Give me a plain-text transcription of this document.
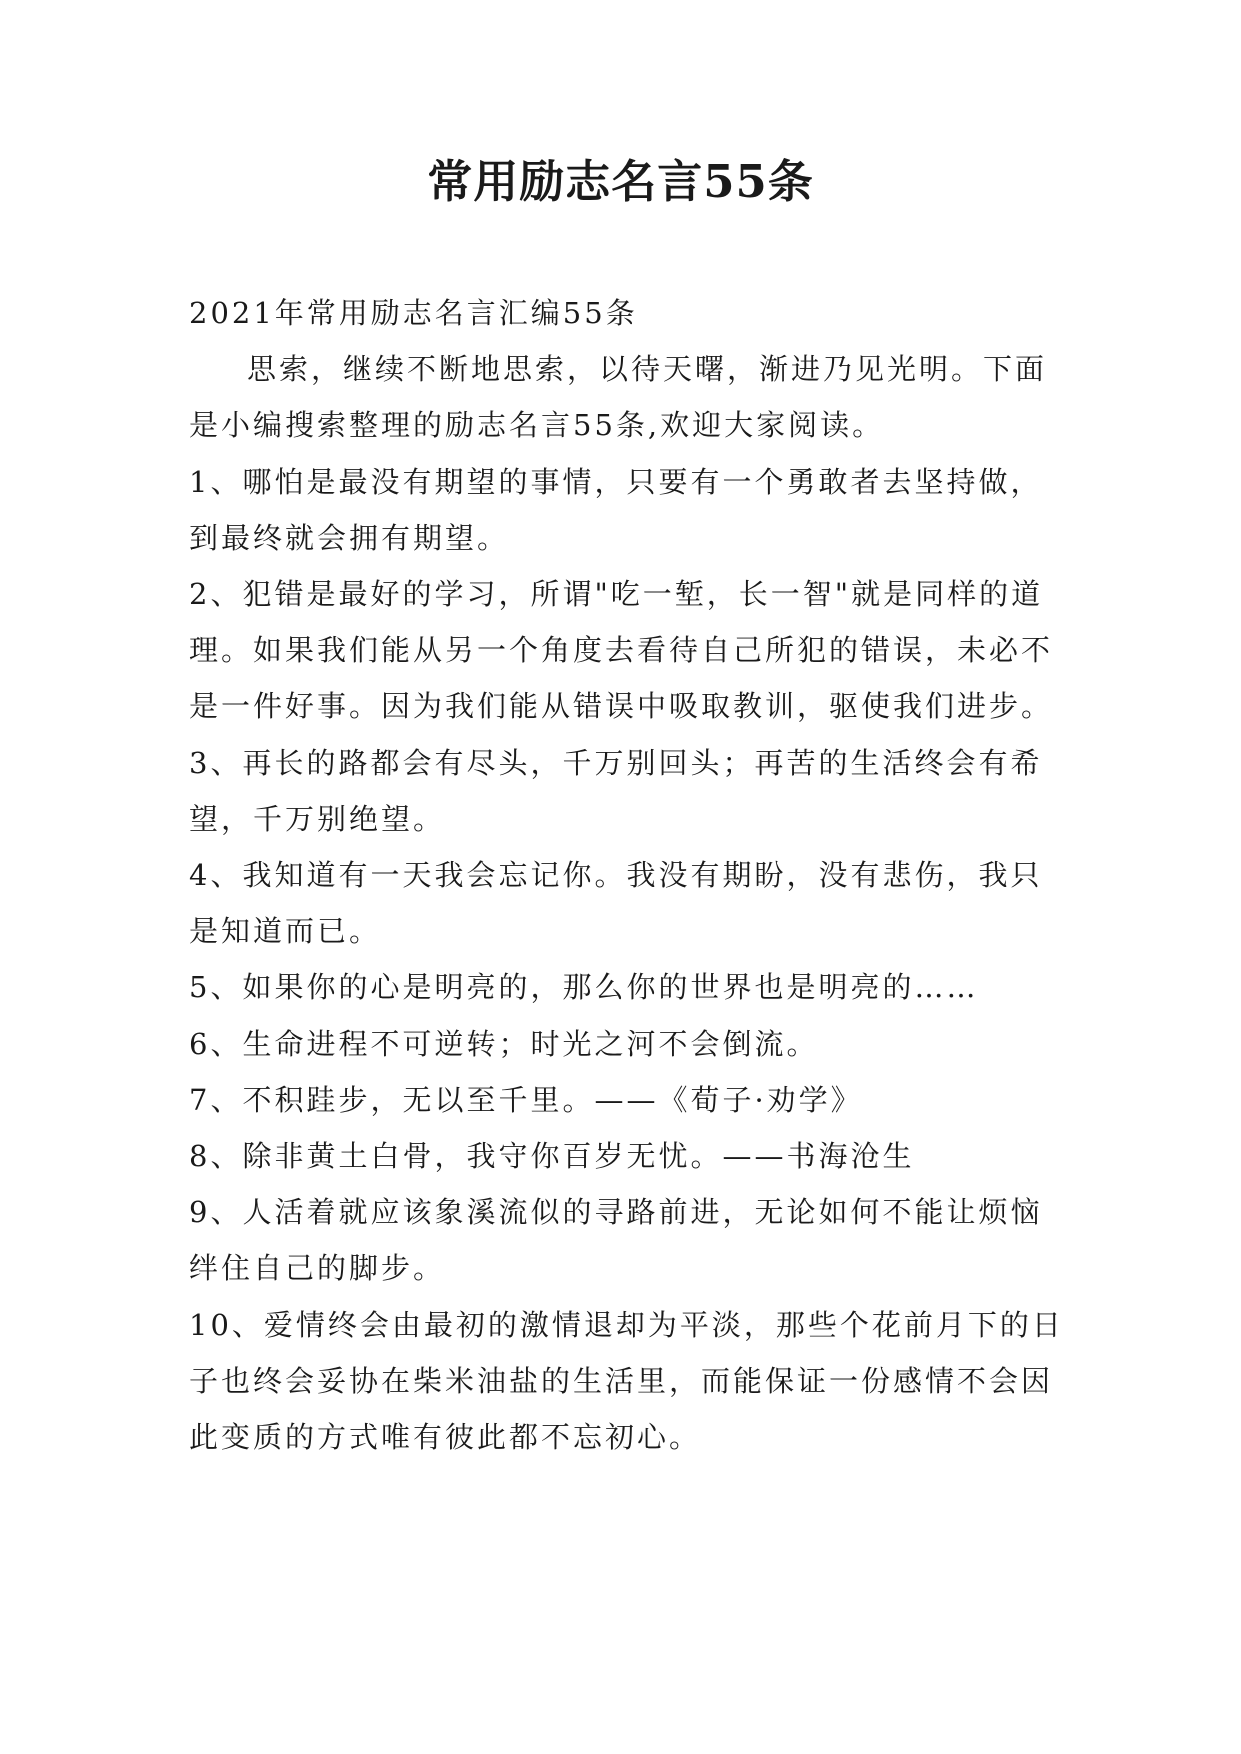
常用励志名言55条

2021年常用励志名言汇编55条

思索，继续不断地思索，以待天曙，渐进乃见光明。下面是小编搜索整理的励志名言55条,欢迎大家阅读。

1、哪怕是最没有期望的事情，只要有一个勇敢者去坚持做，到最终就会拥有期望。

2、犯错是最好的学习，所谓"吃一堑，长一智"就是同样的道理。如果我们能从另一个角度去看待自己所犯的错误，未必不是一件好事。因为我们能从错误中吸取教训，驱使我们进步。

3、再长的路都会有尽头，千万别回头；再苦的生活终会有希望，千万别绝望。

4、我知道有一天我会忘记你。我没有期盼，没有悲伤，我只是知道而已。

5、如果你的心是明亮的，那么你的世界也是明亮的……

6、生命进程不可逆转；时光之河不会倒流。

7、不积跬步，无以至千里。——《荀子·劝学》

8、除非黄土白骨，我守你百岁无忧。——书海沧生

9、人活着就应该象溪流似的寻路前进，无论如何不能让烦恼绊住自己的脚步。

10、爱情终会由最初的激情退却为平淡，那些个花前月下的日子也终会妥协在柴米油盐的生活里，而能保证一份感情不会因此变质的方式唯有彼此都不忘初心。
